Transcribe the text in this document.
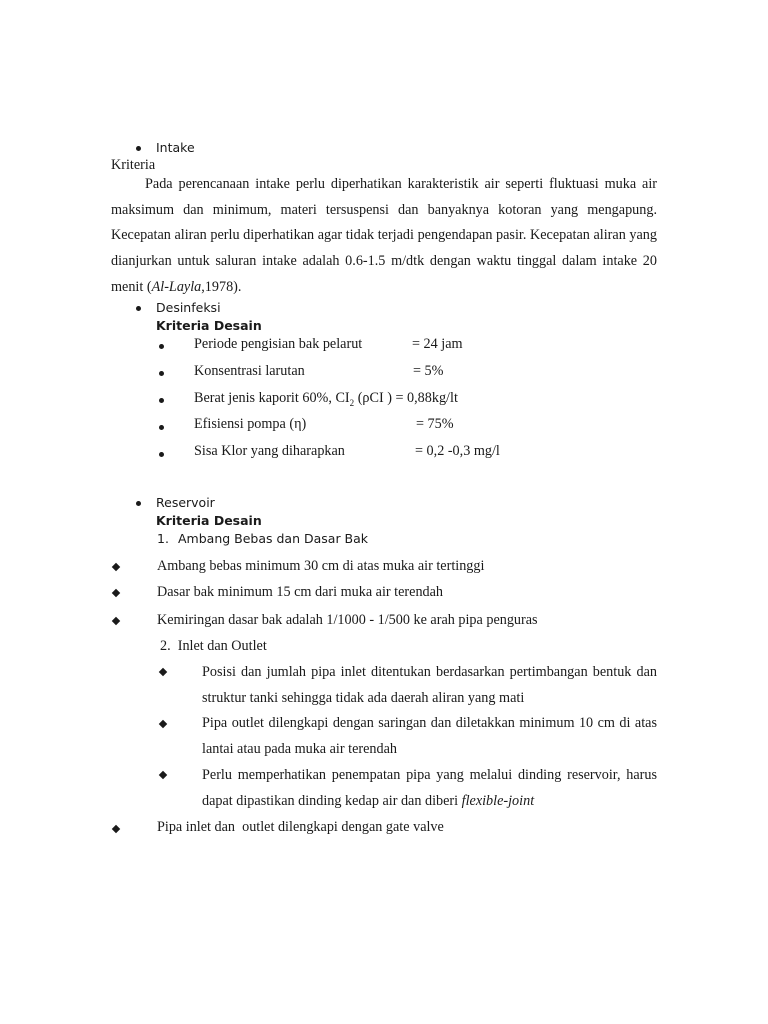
Intake
Kriteria

Pada perencanaan intake perlu diperhatikan karakteristik air seperti fluktuasi muka air maksimum dan minimum, materi tersuspensi dan banyaknya kotoran yang mengapung. Kecepatan aliran perlu diperhatikan agar tidak terjadi pengendapan pasir. Kecepatan aliran yang dianjurkan untuk saluran intake adalah 0.6-1.5 m/dtk dengan waktu tinggal dalam intake 20 menit (Al-Layla,1978).

Desinfeksi
Kriteria Desain
Periode pengisian bak pelarut	= 24 jam
Konsentrasi larutan	= 5%
Berat jenis kaporit 60%, $CI_2$ (ρCI ) = 0,88kg/lt
Efisiensi pompa (η)	= 75%
Sisa Klor yang diharapkan	= 0,2 -0,3 mg/l
Reservoir
Kriteria Desain
1. Ambang Bebas dan Dasar Bak
Ambang bebas minimum 30 cm di atas muka air tertinggi
Dasar bak minimum 15 cm dari muka air terendah
Kemiringan dasar bak adalah 1/1000 - 1/500 ke arah pipa penguras
2.  Inlet dan Outlet
Posisi dan jumlah pipa inlet ditentukan berdasarkan pertimbangan bentuk dan struktur tanki sehingga tidak ada daerah aliran yang mati
Pipa outlet dilengkapi dengan saringan dan diletakkan minimum 10 cm di atas lantai atau pada muka air terendah
Perlu memperhatikan penempatan pipa yang melalui dinding reservoir, harus dapat dipastikan dinding kedap air dan diberi flexible-joint
Pipa inlet dan  outlet dilengkapi dengan gate valve
